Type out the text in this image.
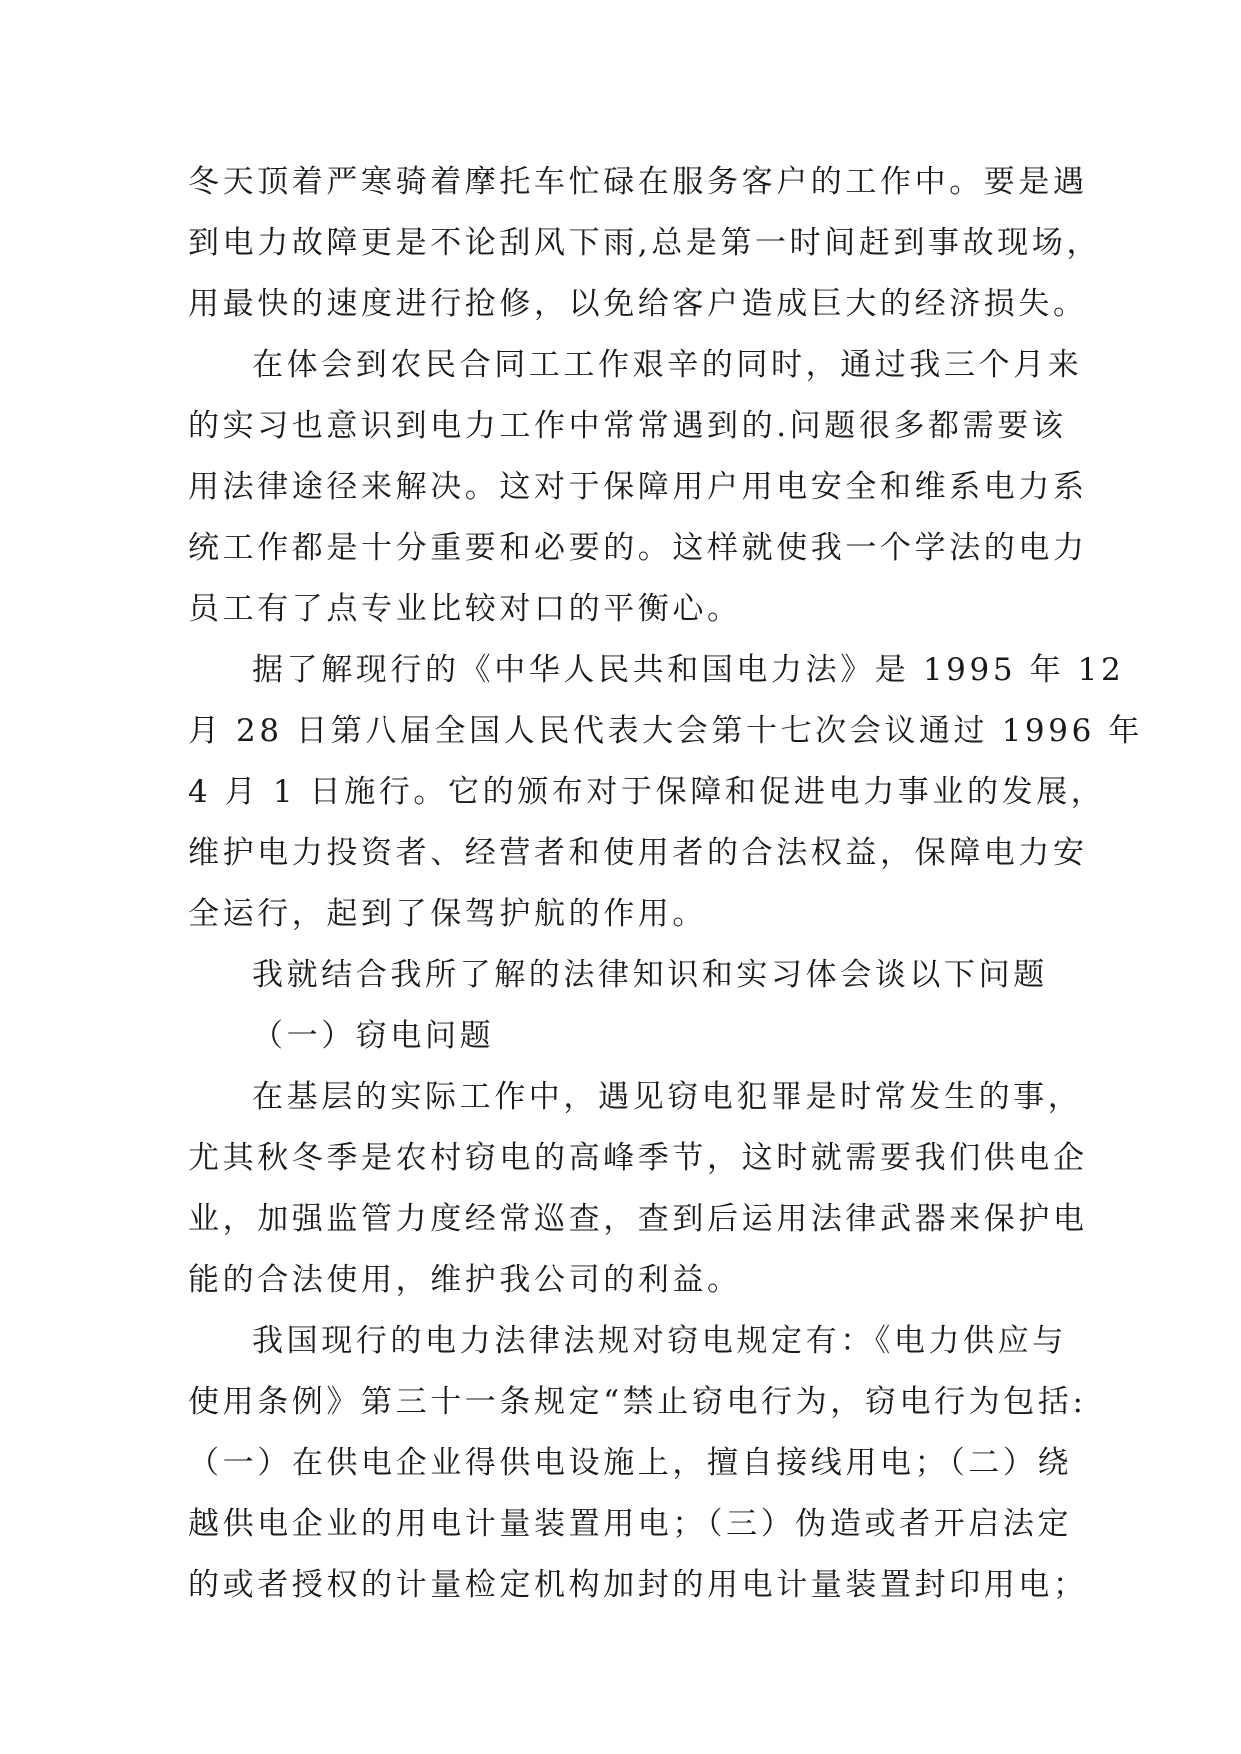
冬天顶着严寒骑着摩托车忙碌在服务客户的工作中。要是遇
到电力故障更是不论刮风下雨,总是第一时间赶到事故现场，
用最快的速度进行抢修，以免给客户造成巨大的经济损失。
在体会到农民合同工工作艰辛的同时，通过我三个月来
的实习也意识到电力工作中常常遇到的.问题很多都需要该
用法律途径来解决。这对于保障用户用电安全和维系电力系
统工作都是十分重要和必要的。这样就使我一个学法的电力
员工有了点专业比较对口的平衡心。
据了解现行的《中华人民共和国电力法》是 1995 年 12
月 28 日第八届全国人民代表大会第十七次会议通过 1996 年
4 月 1 日施行。它的颁布对于保障和促进电力事业的发展，
维护电力投资者、经营者和使用者的合法权益，保障电力安
全运行，起到了保驾护航的作用。
我就结合我所了解的法律知识和实习体会谈以下问题
（一）窃电问题
在基层的实际工作中，遇见窃电犯罪是时常发生的事，
尤其秋冬季是农村窃电的高峰季节，这时就需要我们供电企
业，加强监管力度经常巡查，查到后运用法律武器来保护电
能的合法使用，维护我公司的利益。
我国现行的电力法律法规对窃电规定有：《电力供应与
使用条例》第三十一条规定“禁止窃电行为，窃电行为包括:
（一）在供电企业得供电设施上，擅自接线用电；（二）绕
越供电企业的用电计量装置用电；（三）伪造或者开启法定
的或者授权的计量检定机构加封的用电计量装置封印用电；
